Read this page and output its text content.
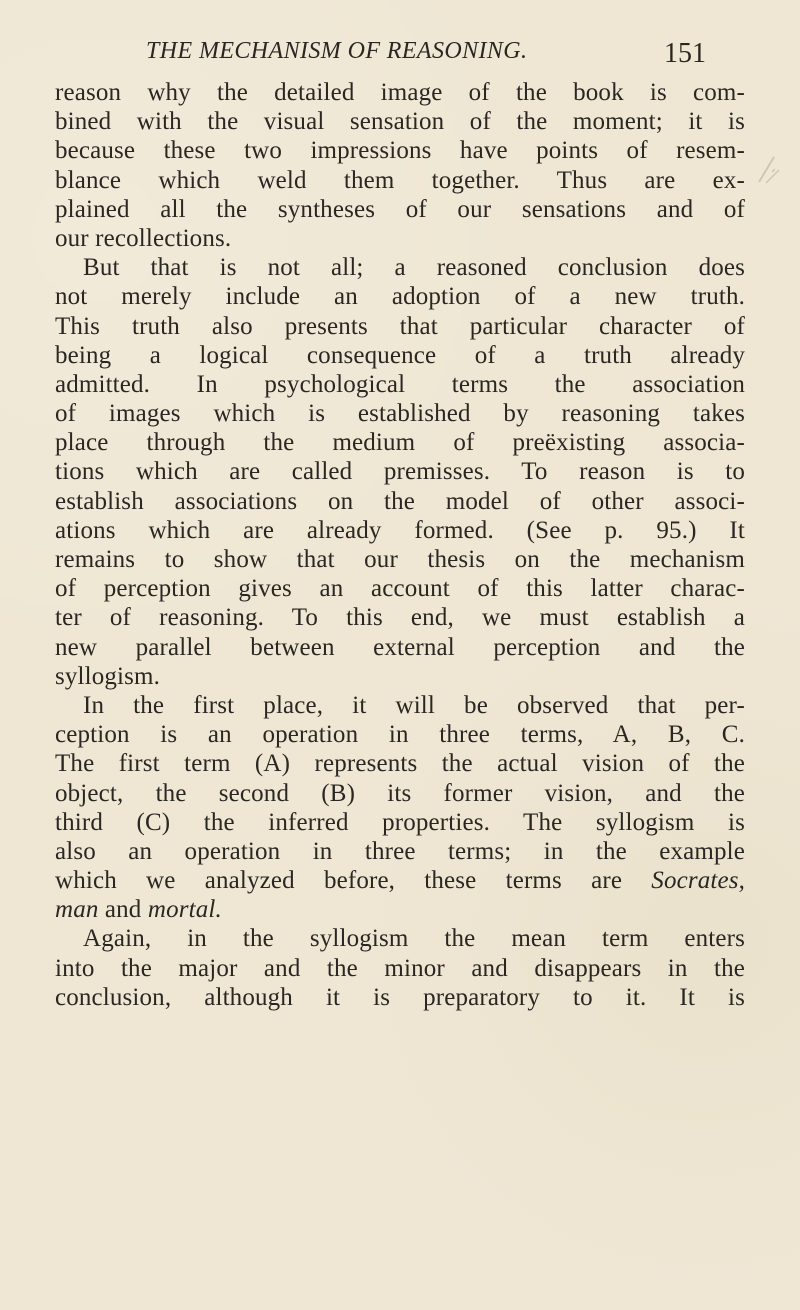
THE MECHANISM OF REASONING.	151
reason why the detailed image of the book is com-
bined with the visual sensation of the moment; it is
because these two impressions have points of resem-
blance which weld them together. Thus are ex-
plained all the syntheses of our sensations and of
our recollections.
But that is not all; a reasoned conclusion does
not merely include an adoption of a new truth.
This truth also presents that particular character of
being a logical consequence of a truth already
admitted. In psychological terms the association
of images which is established by reasoning takes
place through the medium of preëxisting associa-
tions which are called premisses. To reason is to
establish associations on the model of other associ-
ations which are already formed. (See p. 95.) It
remains to show that our thesis on the mechanism
of perception gives an account of this latter charac-
ter of reasoning. To this end, we must establish a
new parallel between external perception and the
syllogism.
In the first place, it will be observed that per-
ception is an operation in three terms, A, B, C.
The first term (A) represents the actual vision of the
object, the second (B) its former vision, and the
third (C) the inferred properties. The syllogism is
also an operation in three terms; in the example
which we analyzed before, these terms are Socrates,
man and mortal.
Again, in the syllogism the mean term enters
into the major and the minor and disappears in the
conclusion, although it is preparatory to it. It is
